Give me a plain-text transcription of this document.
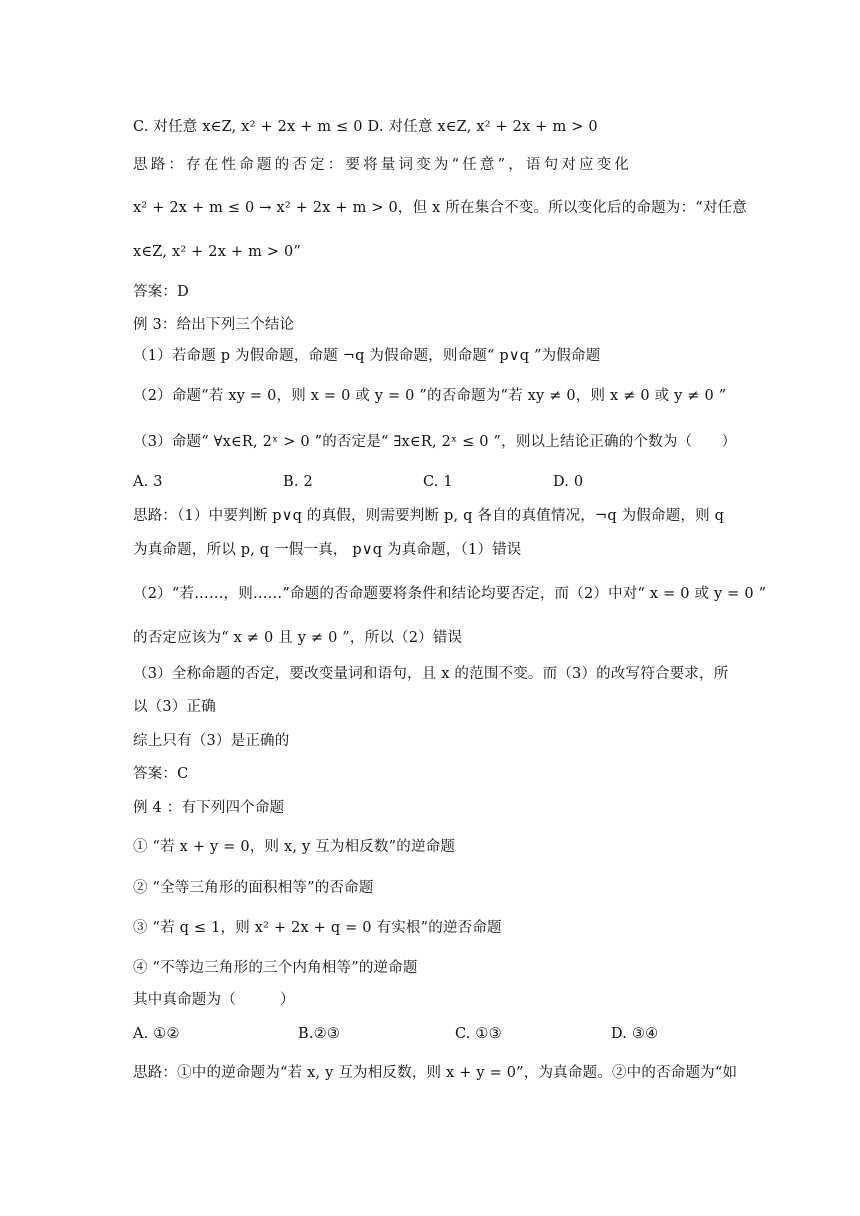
C. 对任意 x∈Z, x² + 2x + m ≤ 0 D. 对任意 x∈Z, x² + 2x + m > 0
思路：存在性命题的否定：要将量词变为“任意”，语句对应变化
x² + 2x + m ≤ 0 → x² + 2x + m > 0，但 x 所在集合不变。所以变化后的命题为：“对任意
x∈Z, x² + 2x + m > 0”
答案：D
例 3：给出下列三个结论
（1）若命题 p 为假命题，命题 ¬q 为假命题，则命题“ p∨q ”为假命题
（2）命题“若 xy = 0，则 x = 0 或 y = 0 ”的否命题为“若 xy ≠ 0，则 x ≠ 0 或 y ≠ 0 ”
（3）命题“ ∀x∈R, 2ˣ > 0 ”的否定是“ ∃x∈R, 2ˣ ≤ 0 ”，则以上结论正确的个数为（　　）
A. 3	B. 2	C. 1	D. 0
思路：（1）中要判断 p∨q 的真假，则需要判断 p, q 各自的真值情况，¬q 为假命题，则 q
为真命题，所以 p, q 一假一真， p∨q 为真命题，（1）错误
（2）“若……，则……”命题的否命题要将条件和结论均要否定，而（2）中对“ x = 0 或 y = 0 ”
的否定应该为“ x ≠ 0 且 y ≠ 0 ”，所以（2）错误
（3）全称命题的否定，要改变量词和语句，且 x 的范围不变。而（3）的改写符合要求，所
以（3）正确
综上只有（3）是正确的
答案：C
例 4 ：有下列四个命题
① “若 x + y = 0，则 x, y 互为相反数”的逆命题
② “全等三角形的面积相等”的否命题
③ “若 q ≤ 1，则 x² + 2x + q = 0 有实根”的逆否命题
④ “不等边三角形的三个内角相等”的逆命题
其中真命题为（　　　）
A. ①②	B.②③	C. ①③	D. ③④
思路：①中的逆命题为“若 x, y 互为相反数，则 x + y = 0”，为真命题。②中的否命题为“如
